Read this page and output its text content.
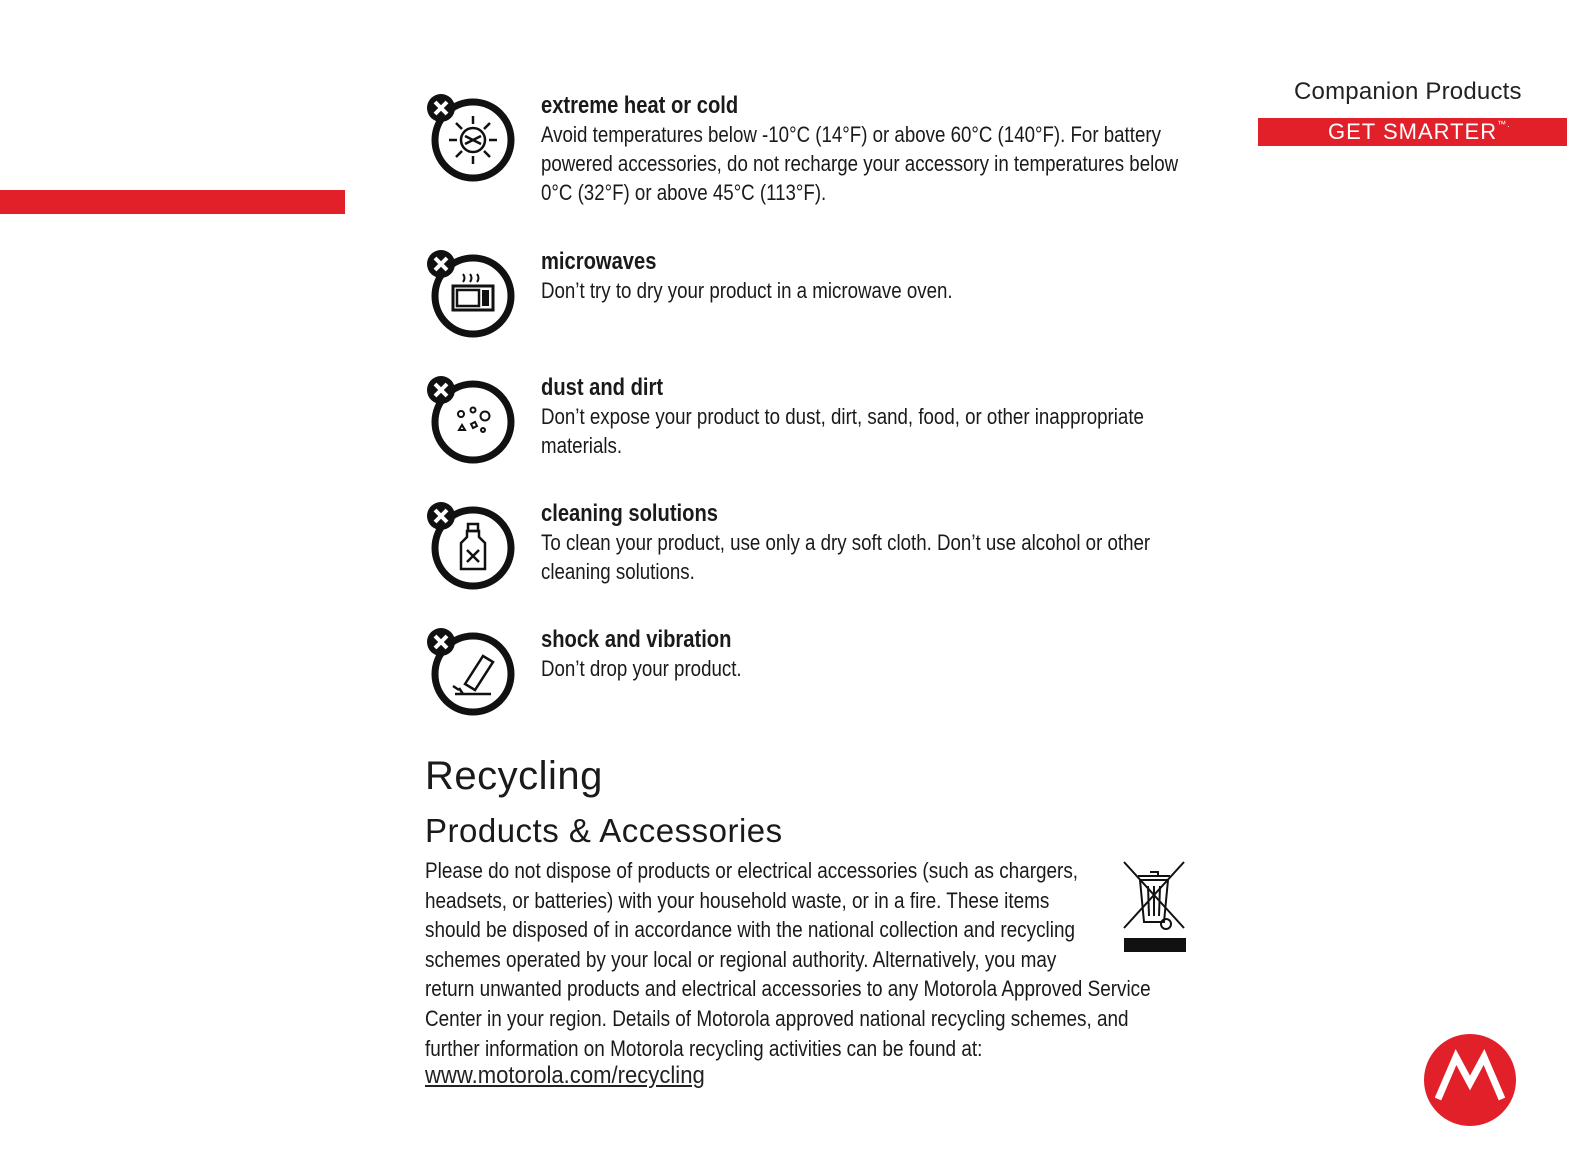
Companion Products
GET SMARTER™.
extreme heat or cold
Avoid temperatures below -10°C (14°F) or above 60°C (140°F). For battery powered accessories, do not recharge your accessory in temperatures below 0°C (32°F) or above 45°C (113°F).
microwaves
Don’t try to dry your product in a microwave oven.
dust and dirt
Don’t expose your product to dust, dirt, sand, food, or other inappropriate materials.
cleaning solutions
To clean your product, use only a dry soft cloth. Don’t use alcohol or other cleaning solutions.
shock and vibration
Don’t drop your product.
Recycling
Products & Accessories
Please do not dispose of products or electrical accessories (such as chargers,
headsets, or batteries) with your household waste, or in a fire. These items
should be disposed of in accordance with the national collection and recycling
schemes operated by your local or regional authority. Alternatively, you may
return unwanted products and electrical accessories to any Motorola Approved Service
Center in your region. Details of Motorola approved national recycling schemes, and
further information on Motorola recycling activities can be found at:
www.motorola.com/recycling
